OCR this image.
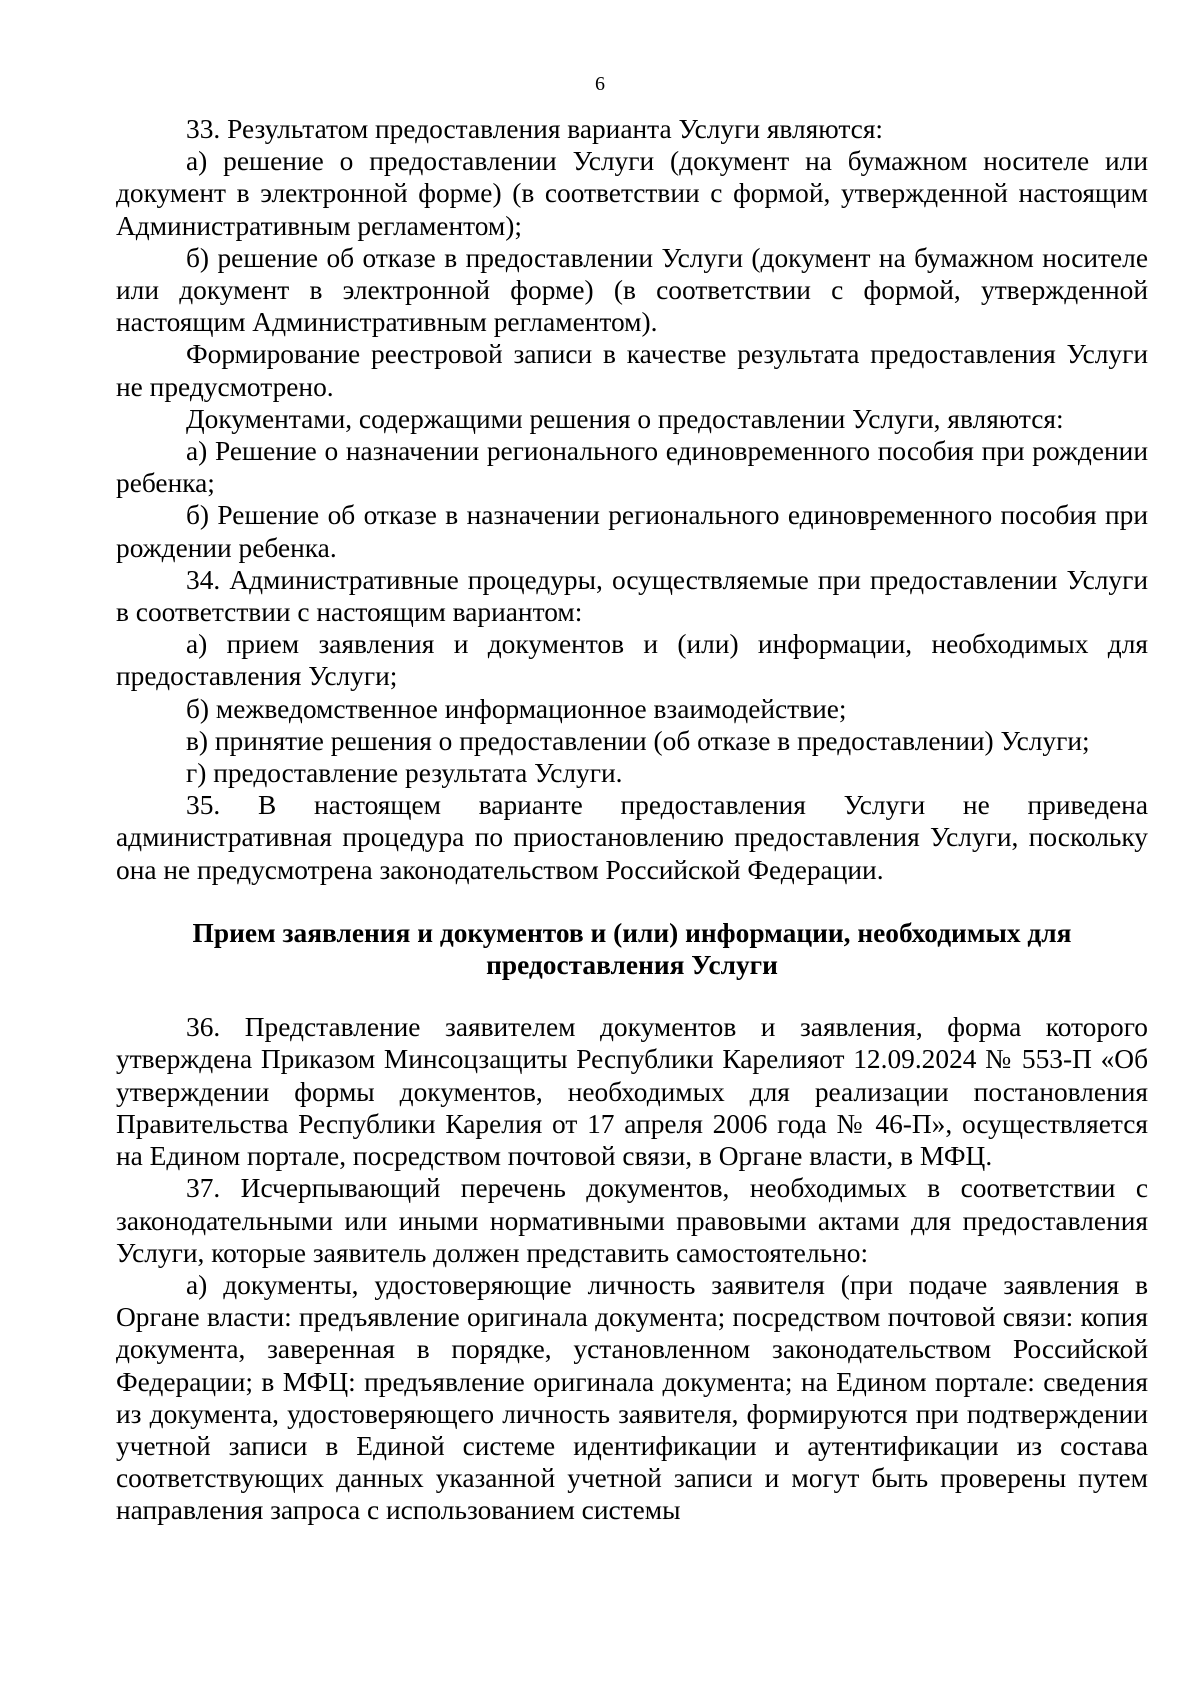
6

33. Результатом предоставления варианта Услуги являются:

а) решение о предоставлении Услуги (документ на бумажном носителе или документ в электронной форме) (в соответствии с формой, утвержденной настоящим Административным регламентом);

б) решение об отказе в предоставлении Услуги (документ на бумажном носителе или документ в электронной форме) (в соответствии с формой, утвержденной настоящим Административным регламентом).

Формирование реестровой записи в качестве результата предоставления Услуги не предусмотрено.

Документами, содержащими решения о предоставлении Услуги, являются:

а) Решение о назначении регионального единовременного пособия при рождении ребенка;

б) Решение об отказе в назначении регионального единовременного пособия при рождении ребенка.

34. Административные процедуры, осуществляемые при предоставлении Услуги в соответствии с настоящим вариантом:

а) прием заявления и документов и (или) информации, необходимых для предоставления Услуги;

б) межведомственное информационное взаимодействие;

в) принятие решения о предоставлении (об отказе в предоставлении) Услуги;

г) предоставление результата Услуги.

35. В настоящем варианте предоставления Услуги не приведена административная процедура по приостановлению предоставления Услуги, поскольку она не предусмотрена законодательством Российской Федерации.

Прием заявления и документов и (или) информации, необходимых для
предоставления Услуги

36. Представление заявителем документов и заявления, форма которого утверждена Приказом Минсоцзащиты Республики Карелияот 12.09.2024 № 553-П «Об утверждении формы документов, необходимых для реализации постановления Правительства Республики Карелия от 17 апреля 2006 года № 46-П», осуществляется на Едином портале, посредством почтовой связи, в Органе власти, в МФЦ.

37. Исчерпывающий перечень документов, необходимых в соответствии с законодательными или иными нормативными правовыми актами для предоставления Услуги, которые заявитель должен представить самостоятельно:

а) документы, удостоверяющие личность заявителя (при подаче заявления в Органе власти: предъявление оригинала документа; посредством почтовой связи: копия документа, заверенная в порядке, установленном законодательством Российской Федерации; в МФЦ: предъявление оригинала документа; на Едином портале: сведения из документа, удостоверяющего личность заявителя, формируются при подтверждении учетной записи в Единой системе идентификации и аутентификации из состава соответствующих данных указанной учетной записи и могут быть проверены путем направления запроса с использованием системы
